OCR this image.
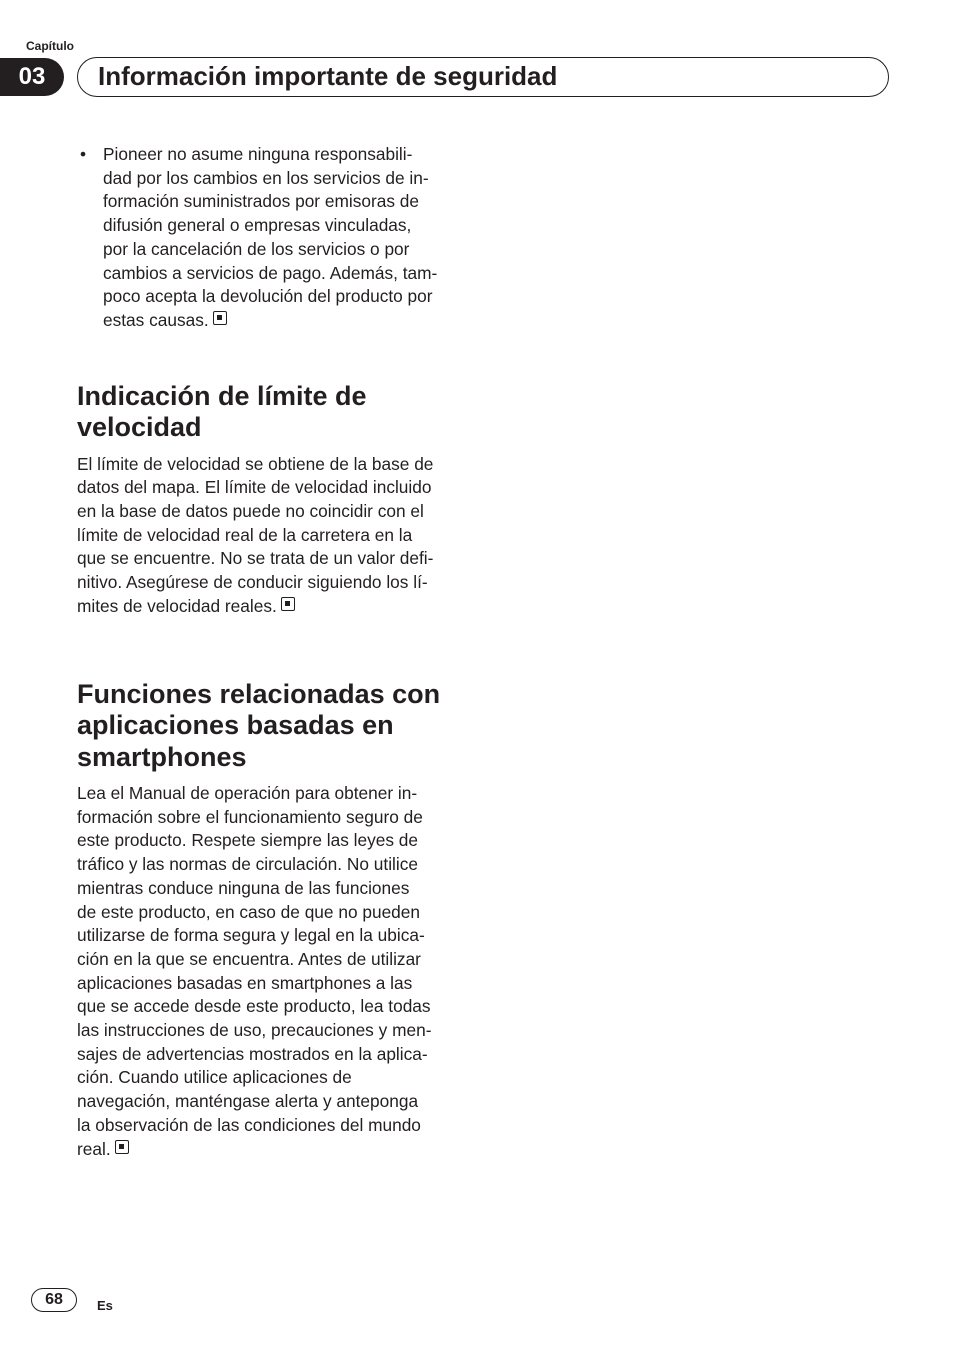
Capítulo
03	Información importante de seguridad
• Pioneer no asume ninguna responsabili-
dad por los cambios en los servicios de in-
formación suministrados por emisoras de
difusión general o empresas vinculadas,
por la cancelación de los servicios o por
cambios a servicios de pago. Además, tam-
poco acepta la devolución del producto por
estas causas.
Indicación de límite de
velocidad
El límite de velocidad se obtiene de la base de
datos del mapa. El límite de velocidad incluido
en la base de datos puede no coincidir con el
límite de velocidad real de la carretera en la
que se encuentre. No se trata de un valor defi-
nitivo. Asegúrese de conducir siguiendo los lí-
mites de velocidad reales.
Funciones relacionadas con
aplicaciones basadas en
smartphones
Lea el Manual de operación para obtener in-
formación sobre el funcionamiento seguro de
este producto. Respete siempre las leyes de
tráfico y las normas de circulación. No utilice
mientras conduce ninguna de las funciones
de este producto, en caso de que no pueden
utilizarse de forma segura y legal en la ubica-
ción en la que se encuentra. Antes de utilizar
aplicaciones basadas en smartphones a las
que se accede desde este producto, lea todas
las instrucciones de uso, precauciones y men-
sajes de advertencias mostrados en la aplica-
ción. Cuando utilice aplicaciones de
navegación, manténgase alerta y anteponga
la observación de las condiciones del mundo
real.
68	Es
